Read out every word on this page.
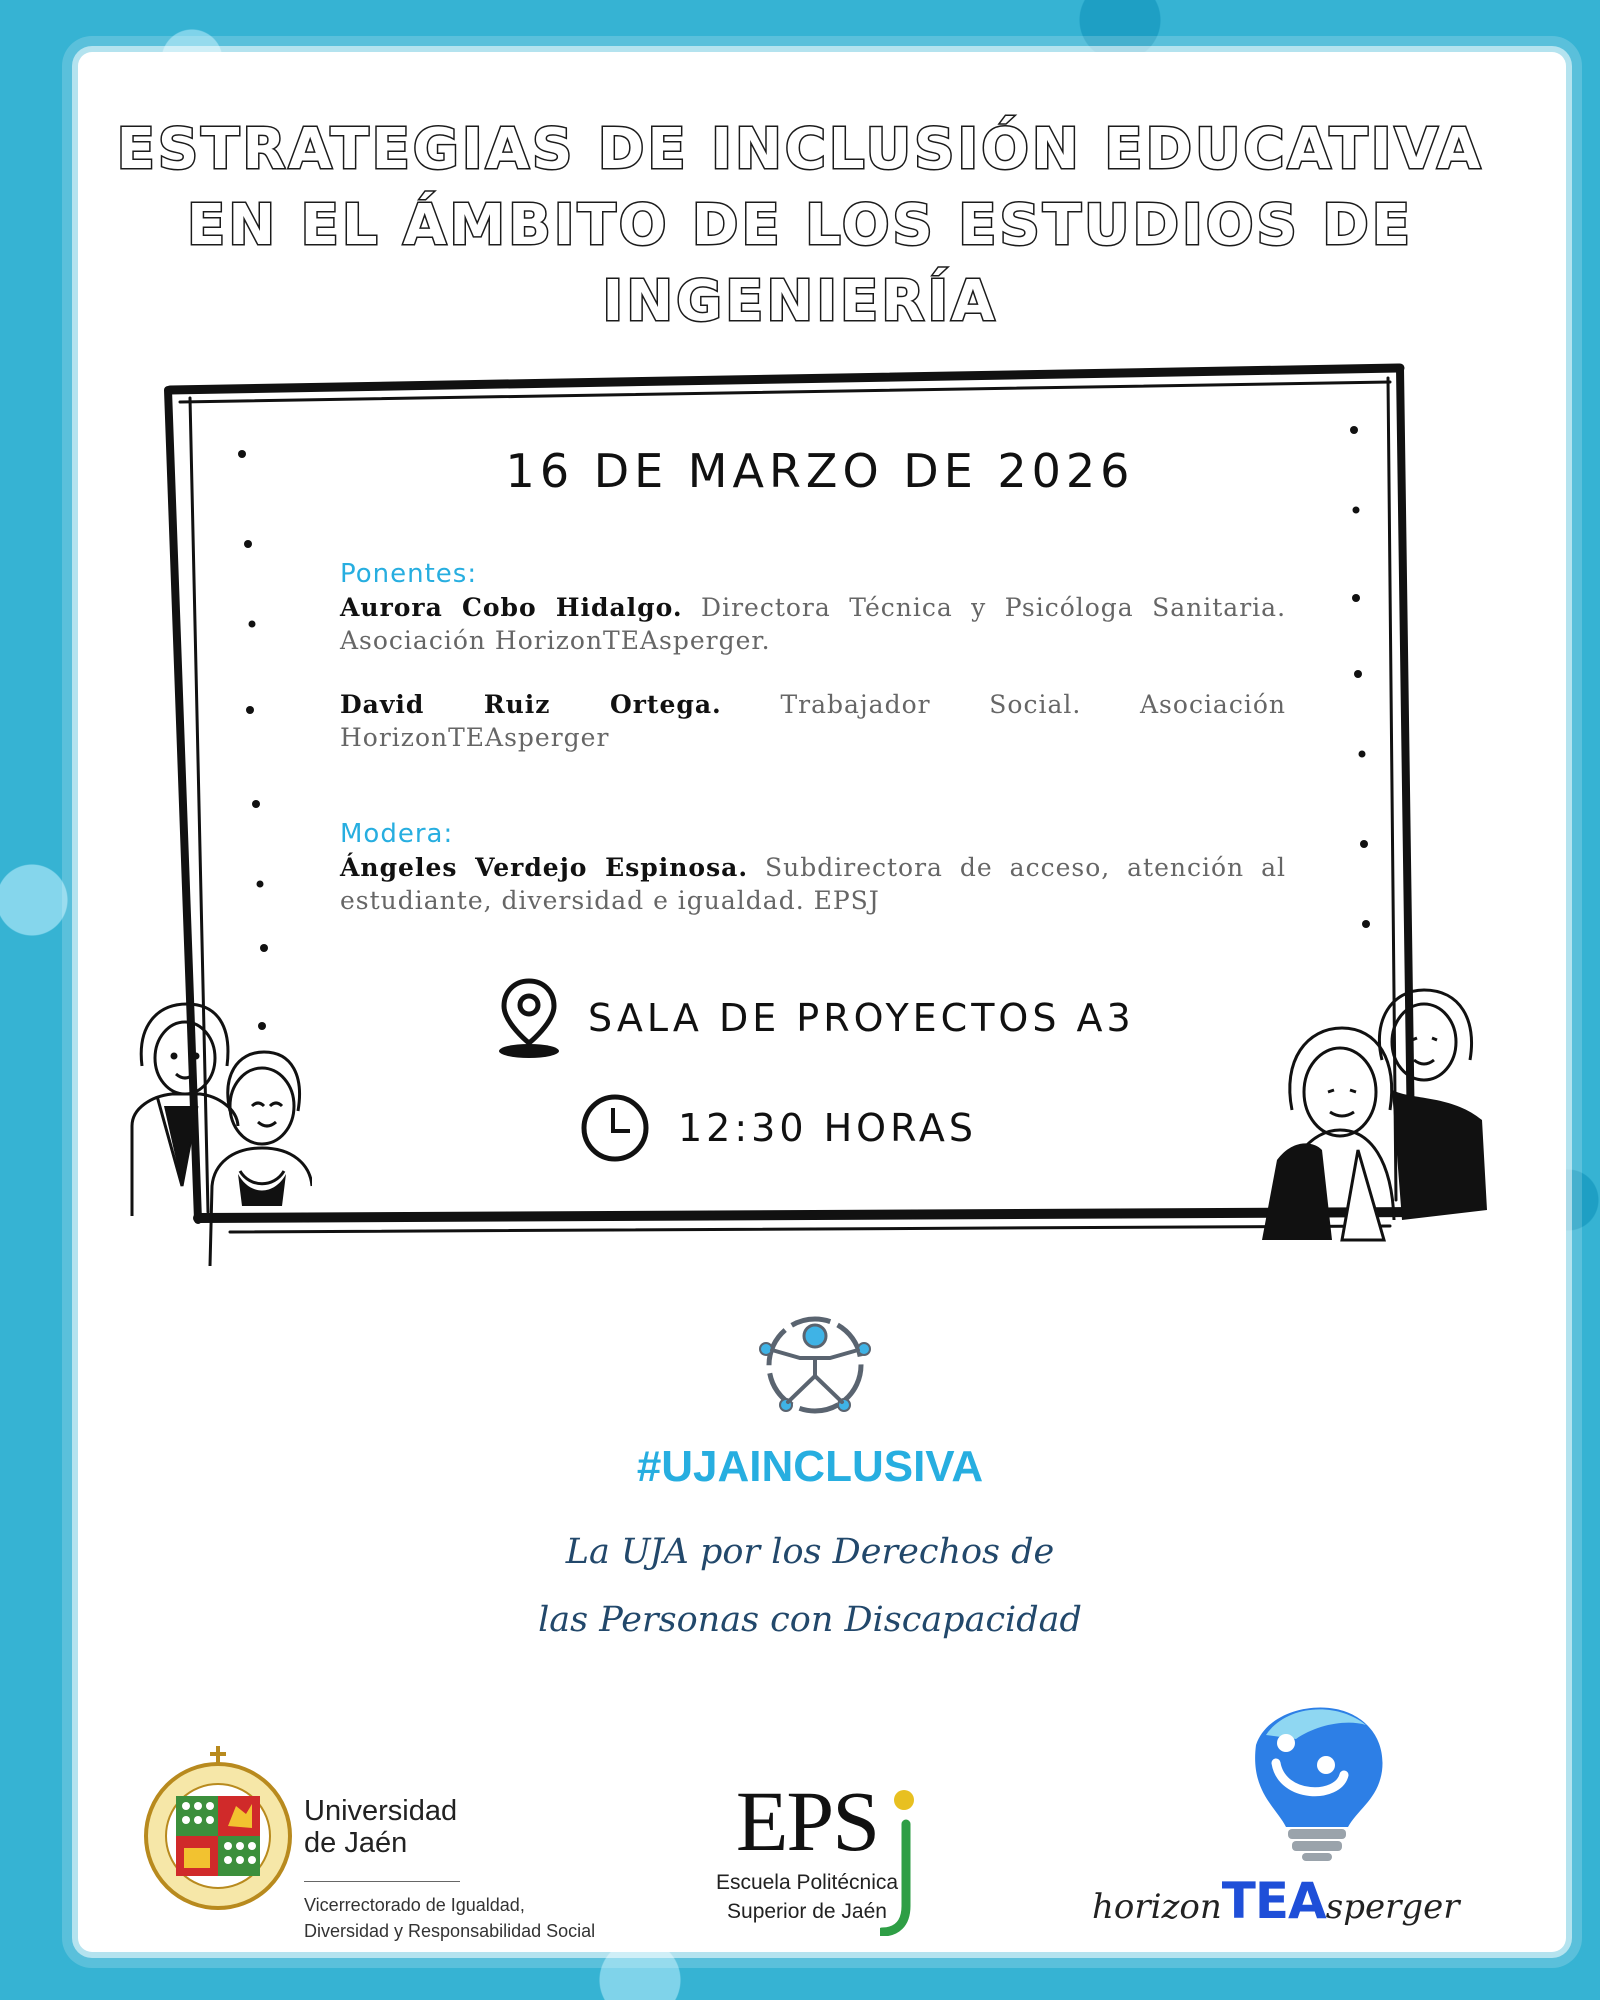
ESTRATEGIAS DE INCLUSIÓN EDUCATIVA
EN EL ÁMBITO DE LOS ESTUDIOS DE
INGENIERÍA
16 DE MARZO DE 2026
Ponentes:

Aurora Cobo Hidalgo. Directora Técnica y Psicóloga Sanitaria. Asociación HorizonTEAsperger.

David Ruiz Ortega. Trabajador Social. Asociación HorizonTEAsperger

Modera:

Ángeles Verdejo Espinosa. Subdirectora de acceso, atención al estudiante, diversidad e igualdad. EPSJ

SALA DE PROYECTOS A3
12:30 HORAS
#UJAINCLUSIVA
La UJA por los Derechos de
las Personas con Discapacidad
Universidad
de Jaén
Vicerrectorado de Igualdad,
Diversidad y Responsabilidad Social
EPS
Escuela Politécnica
Superior de Jaén	horizonTEAsperger
